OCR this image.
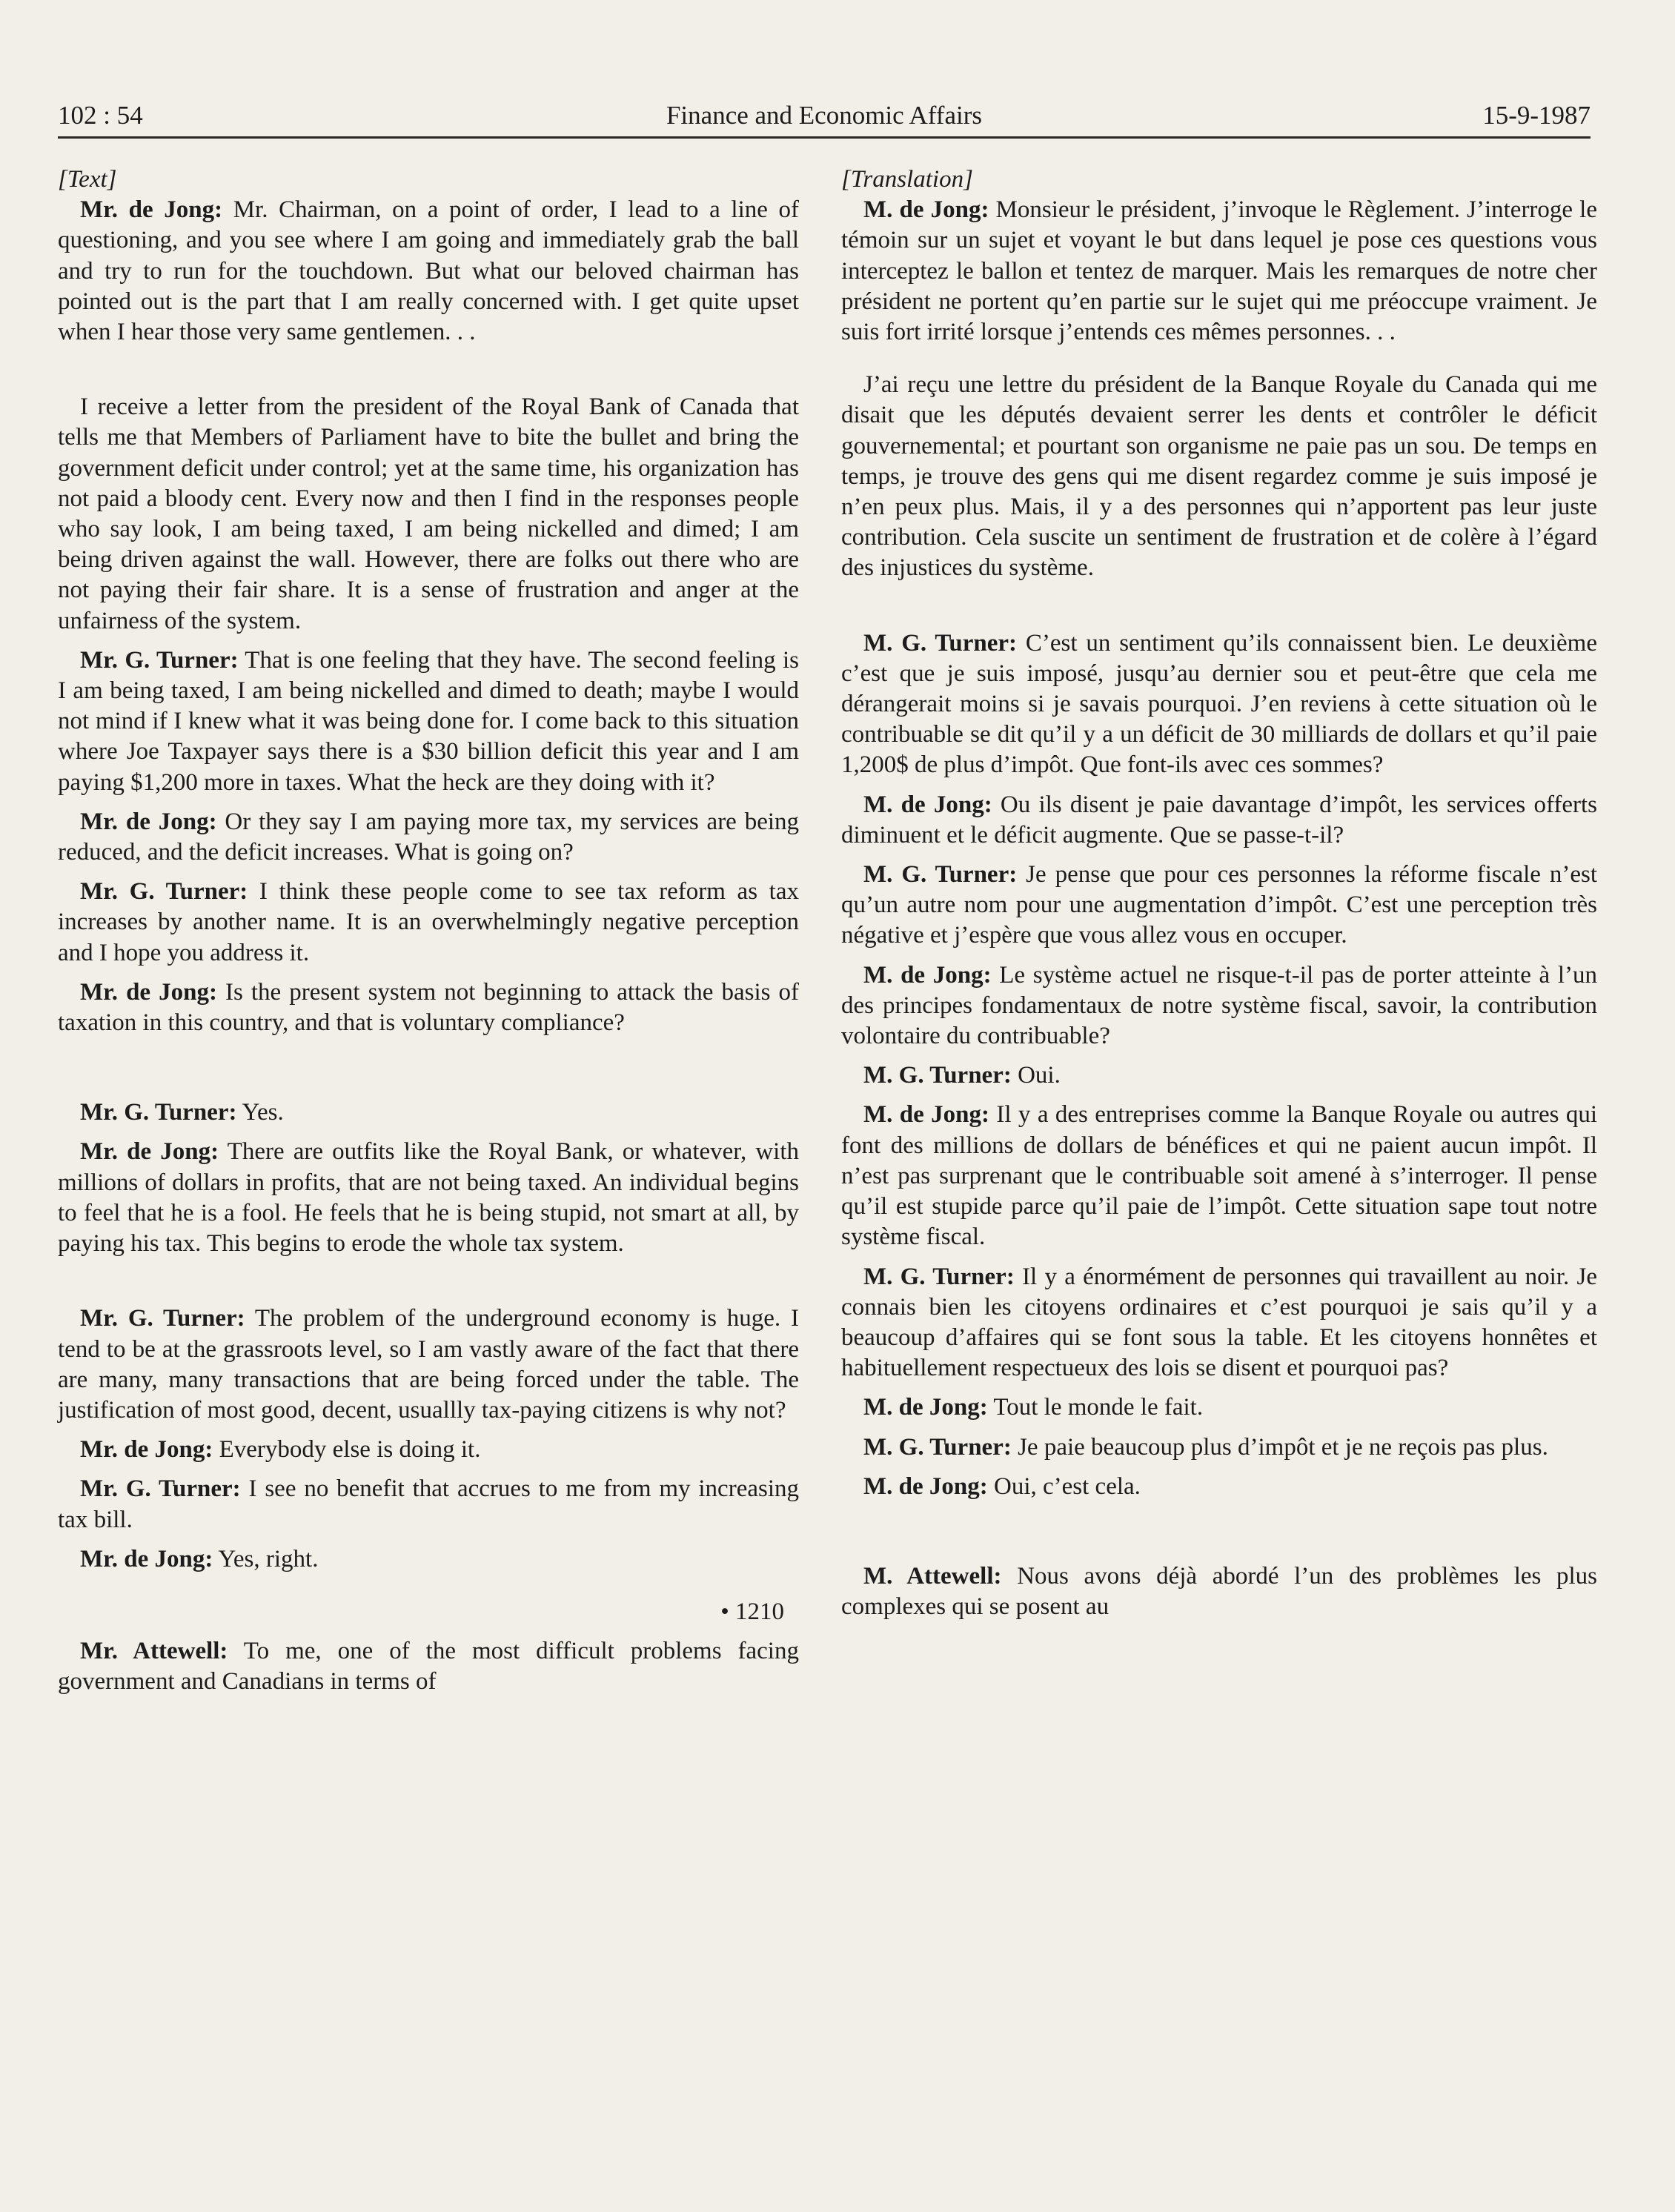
102 : 54	Finance and Economic Affairs	15-9-1987

[Text]

Mr. de Jong: Mr. Chairman, on a point of order, I lead to a line of questioning, and you see where I am going and immediately grab the ball and try to run for the touchdown. But what our beloved chairman has pointed out is the part that I am really concerned with. I get quite upset when I hear those very same gentlemen. . .

I receive a letter from the president of the Royal Bank of Canada that tells me that Members of Parliament have to bite the bullet and bring the government deficit under control; yet at the same time, his organization has not paid a bloody cent. Every now and then I find in the responses people who say look, I am being taxed, I am being nickelled and dimed; I am being driven against the wall. However, there are folks out there who are not paying their fair share. It is a sense of frustration and anger at the unfairness of the system.

Mr. G. Turner: That is one feeling that they have. The second feeling is I am being taxed, I am being nickelled and dimed to death; maybe I would not mind if I knew what it was being done for. I come back to this situation where Joe Taxpayer says there is a $30 billion deficit this year and I am paying $1,200 more in taxes. What the heck are they doing with it?

Mr. de Jong: Or they say I am paying more tax, my services are being reduced, and the deficit increases. What is going on?

Mr. G. Turner: I think these people come to see tax reform as tax increases by another name. It is an overwhelmingly negative perception and I hope you address it.

Mr. de Jong: Is the present system not beginning to attack the basis of taxation in this country, and that is voluntary compliance?

Mr. G. Turner: Yes.

Mr. de Jong: There are outfits like the Royal Bank, or whatever, with millions of dollars in profits, that are not being taxed. An individual begins to feel that he is a fool. He feels that he is being stupid, not smart at all, by paying his tax. This begins to erode the whole tax system.

Mr. G. Turner: The problem of the underground economy is huge. I tend to be at the grassroots level, so I am vastly aware of the fact that there are many, many transactions that are being forced under the table. The justification of most good, decent, usuallly tax-paying citizens is why not?

Mr. de Jong: Everybody else is doing it.

Mr. G. Turner: I see no benefit that accrues to me from my increasing tax bill.

Mr. de Jong: Yes, right.

• 1210

Mr. Attewell: To me, one of the most difficult problems facing government and Canadians in terms of

[Translation]

M. de Jong: Monsieur le président, j’invoque le Règlement. J’interroge le témoin sur un sujet et voyant le but dans lequel je pose ces questions vous interceptez le ballon et tentez de marquer. Mais les remarques de notre cher président ne portent qu’en partie sur le sujet qui me préoccupe vraiment. Je suis fort irrité lorsque j’entends ces mêmes personnes. . .

J’ai reçu une lettre du président de la Banque Royale du Canada qui me disait que les députés devaient serrer les dents et contrôler le déficit gouvernemental; et pourtant son organisme ne paie pas un sou. De temps en temps, je trouve des gens qui me disent regardez comme je suis imposé je n’en peux plus. Mais, il y a des personnes qui n’apportent pas leur juste contribution. Cela suscite un sentiment de frustration et de colère à l’égard des injustices du système.

M. G. Turner: C’est un sentiment qu’ils connaissent bien. Le deuxième c’est que je suis imposé, jusqu’au dernier sou et peut-être que cela me dérangerait moins si je savais pourquoi. J’en reviens à cette situation où le contribuable se dit qu’il y a un déficit de 30 milliards de dollars et qu’il paie 1,200$ de plus d’impôt. Que font-ils avec ces sommes?

M. de Jong: Ou ils disent je paie davantage d’impôt, les services offerts diminuent et le déficit augmente. Que se passe-t-il?

M. G. Turner: Je pense que pour ces personnes la réforme fiscale n’est qu’un autre nom pour une augmentation d’impôt. C’est une perception très négative et j’espère que vous allez vous en occuper.

M. de Jong: Le système actuel ne risque-t-il pas de porter atteinte à l’un des principes fondamentaux de notre système fiscal, savoir, la contribution volontaire du contribuable?

M. G. Turner: Oui.

M. de Jong: Il y a des entreprises comme la Banque Royale ou autres qui font des millions de dollars de bénéfices et qui ne paient aucun impôt. Il n’est pas surprenant que le contribuable soit amené à s’interroger. Il pense qu’il est stupide parce qu’il paie de l’impôt. Cette situation sape tout notre système fiscal.

M. G. Turner: Il y a énormément de personnes qui travaillent au noir. Je connais bien les citoyens ordinaires et c’est pourquoi je sais qu’il y a beaucoup d’affaires qui se font sous la table. Et les citoyens honnêtes et habituellement respectueux des lois se disent et pourquoi pas?

M. de Jong: Tout le monde le fait.

M. G. Turner: Je paie beaucoup plus d’impôt et je ne reçois pas plus.

M. de Jong: Oui, c’est cela.

M. Attewell: Nous avons déjà abordé l’un des problèmes les plus complexes qui se posent au
